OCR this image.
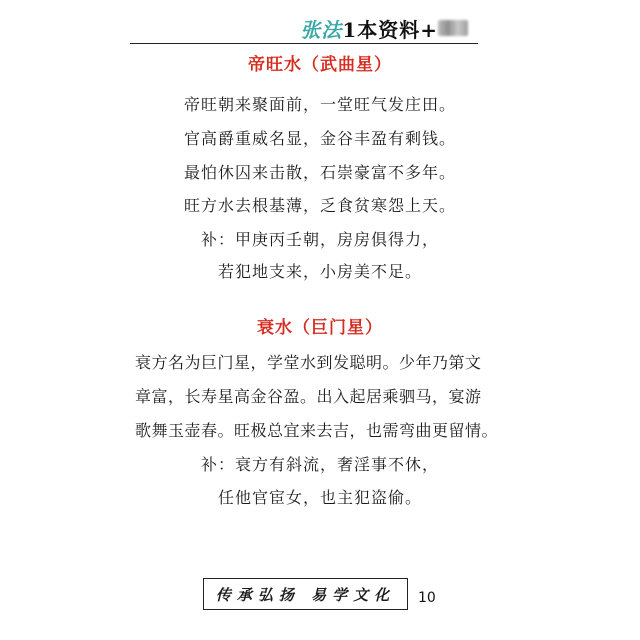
张法1本资料+
帝旺水（武曲星）
帝旺朝来聚面前，一堂旺气发庄田。
官高爵重威名显，金谷丰盈有剩钱。
最怕休囚来击散，石崇豪富不多年。
旺方水去根基薄，乏食贫寒怨上天。
补：甲庚丙壬朝，房房俱得力，
若犯地支来，小房美不足。
衰水（巨门星）
衰方名为巨门星，学堂水到发聪明。少年乃第文
章富，长寿星高金谷盈。出入起居乘驷马，宴游
歌舞玉壶春。旺极总宜来去吉，也需弯曲更留情。
补：衰方有斜流，奢淫事不休，
任他官宦女，也主犯盗偷。
传承弘扬 易学文化	10
